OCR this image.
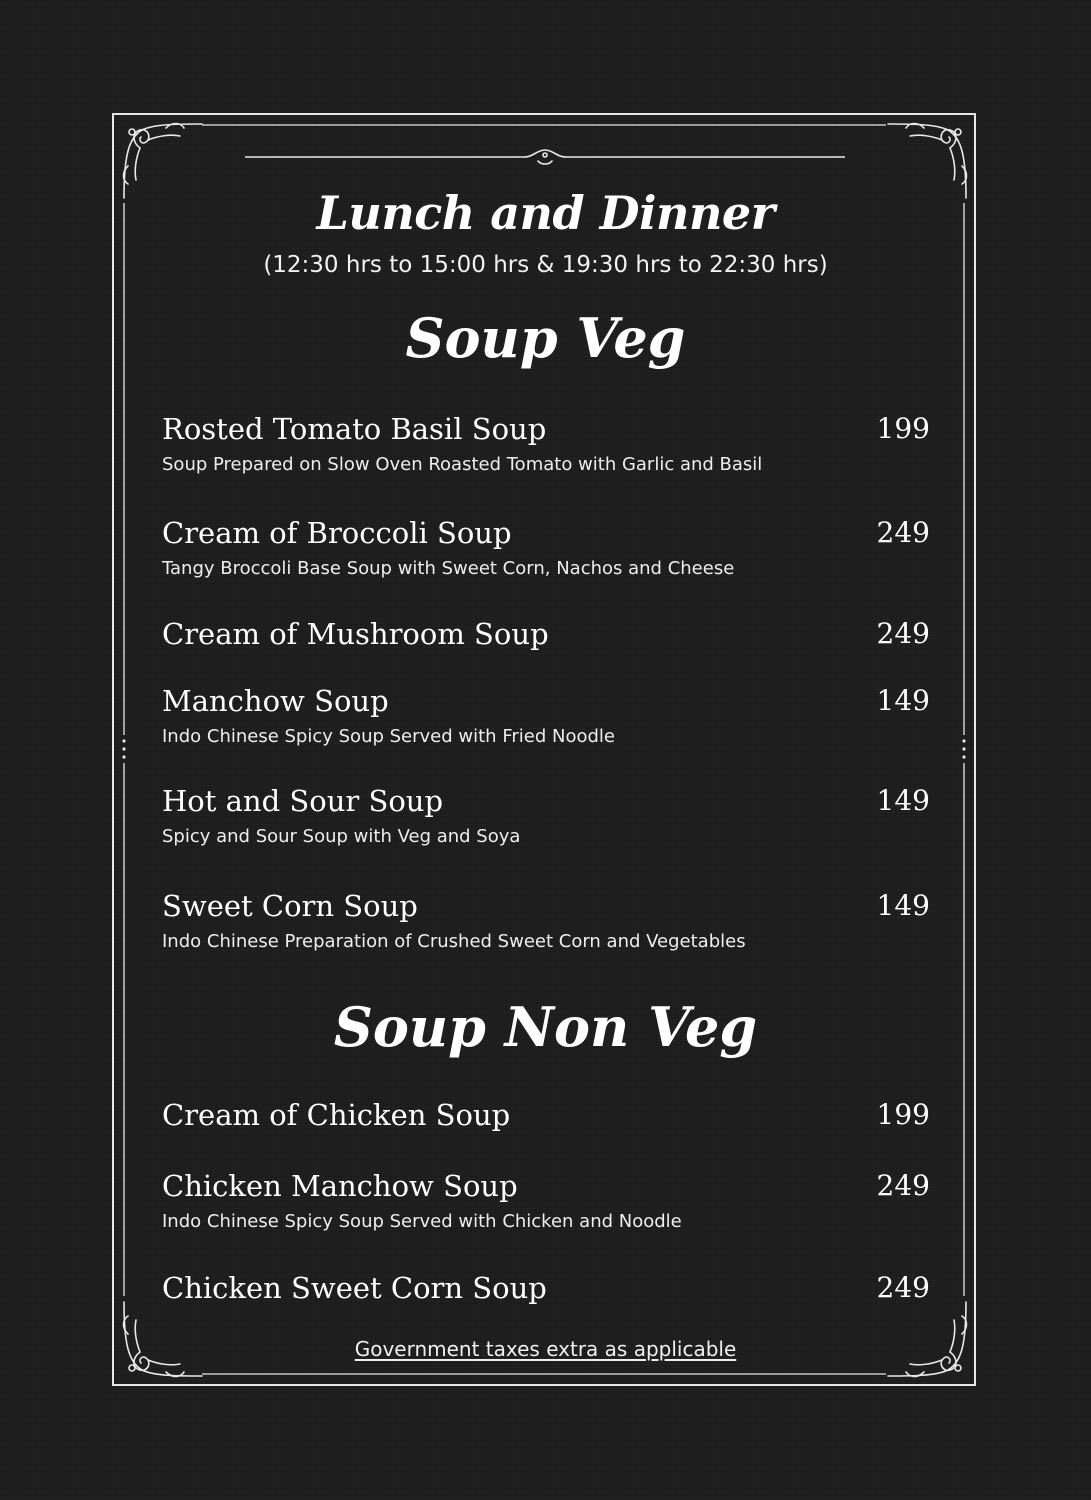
Lunch and Dinner
(12:30 hrs to 15:00 hrs & 19:30 hrs to 22:30 hrs)
Soup Veg
Rosted Tomato Basil Soup	199
Soup Prepared on Slow Oven Roasted Tomato with Garlic and Basil
Cream of Broccoli Soup	249
Tangy Broccoli Base Soup with Sweet Corn, Nachos and Cheese
Cream of Mushroom Soup	249
Manchow Soup	149
Indo Chinese Spicy Soup Served with Fried Noodle
Hot and Sour Soup	149
Spicy and Sour Soup with Veg and Soya
Sweet Corn Soup	149
Indo Chinese Preparation of Crushed Sweet Corn and Vegetables
Soup Non Veg
Cream of Chicken Soup	199
Chicken Manchow Soup	249
Indo Chinese Spicy Soup Served with Chicken and Noodle
Chicken Sweet Corn Soup	249
Government taxes extra as applicable
